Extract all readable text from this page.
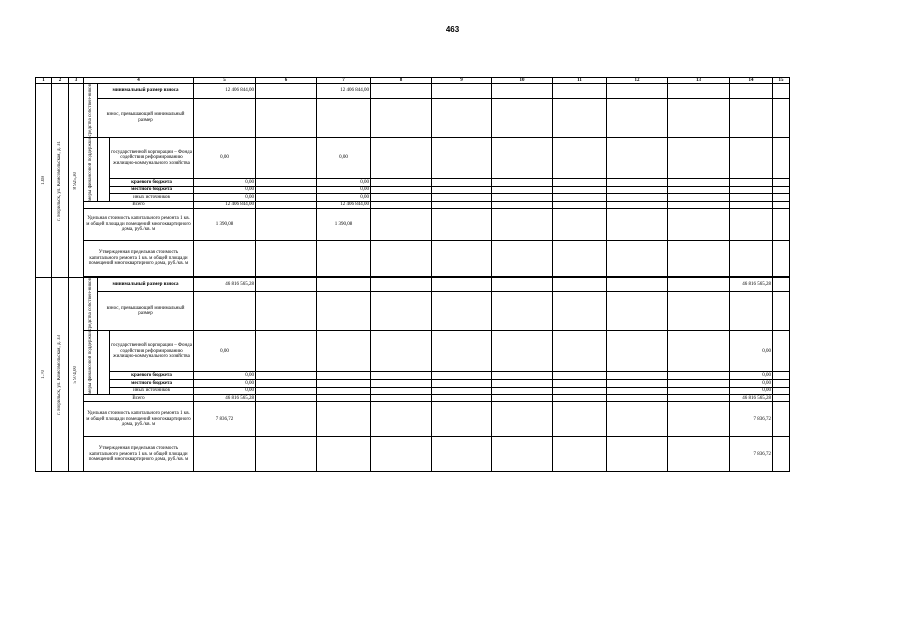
463
1	2	3	4			5	6	7	8	9	10	11	12	13	14	15

1.69	г. Норильск, ул. Комсомольская, д. 31	8 925,30	средства собствен-ников	минимальный размер взноса		12 406 844,00		12 406 844,00								
				взнос, превышающий минимальный размер												

			меры финансовой поддержки		государственной корпорации – Фонда содействия реформированию жилищно-коммунального хозяйства	0,00		0,00								
					краевого бюджета	0,00		0,00								
					местного бюджета	0,00		0,00								
					иных источников	0,00		0,00								
			Всего			12 406 844,00		12 406 844,00								
			Удельная стоимость капитального ремонта 1 кв. м общей площади помещений многоквартирного дома, руб./кв. м			1 390,08		1 390,08								
			Утвержденная предельная стоимость капитального ремонта 1 кв. м общей площади помещений многоквартирного дома, руб./кв. м													

1.70	г. Норильск, ул. Комсомольская, д. 33	5 974,00	средства собствен-ников	минимальный размер взноса		46 816 565,28									46 816 565,28	
				взнос, превышающий минимальный размер												

			меры финансовой поддержки		государственной корпорации – Фонда содействия реформированию жилищно-коммунального хозяйства	0,00									0,00	
					краевого бюджета	0,00									0,00	
					местного бюджета	0,00									0,00	
					иных источников	0,00									0,00	
			Всего			46 816 565,28									46 816 565,28	
			Удельная стоимость капитального ремонта 1 кв. м общей площади помещений многоквартирного дома, руб./кв. м			7 836,72									7 836,72	
			Утвержденная предельная стоимость капитального ремонта 1 кв. м общей площади помещений многоквартирного дома, руб./кв. м												7 836,72	
